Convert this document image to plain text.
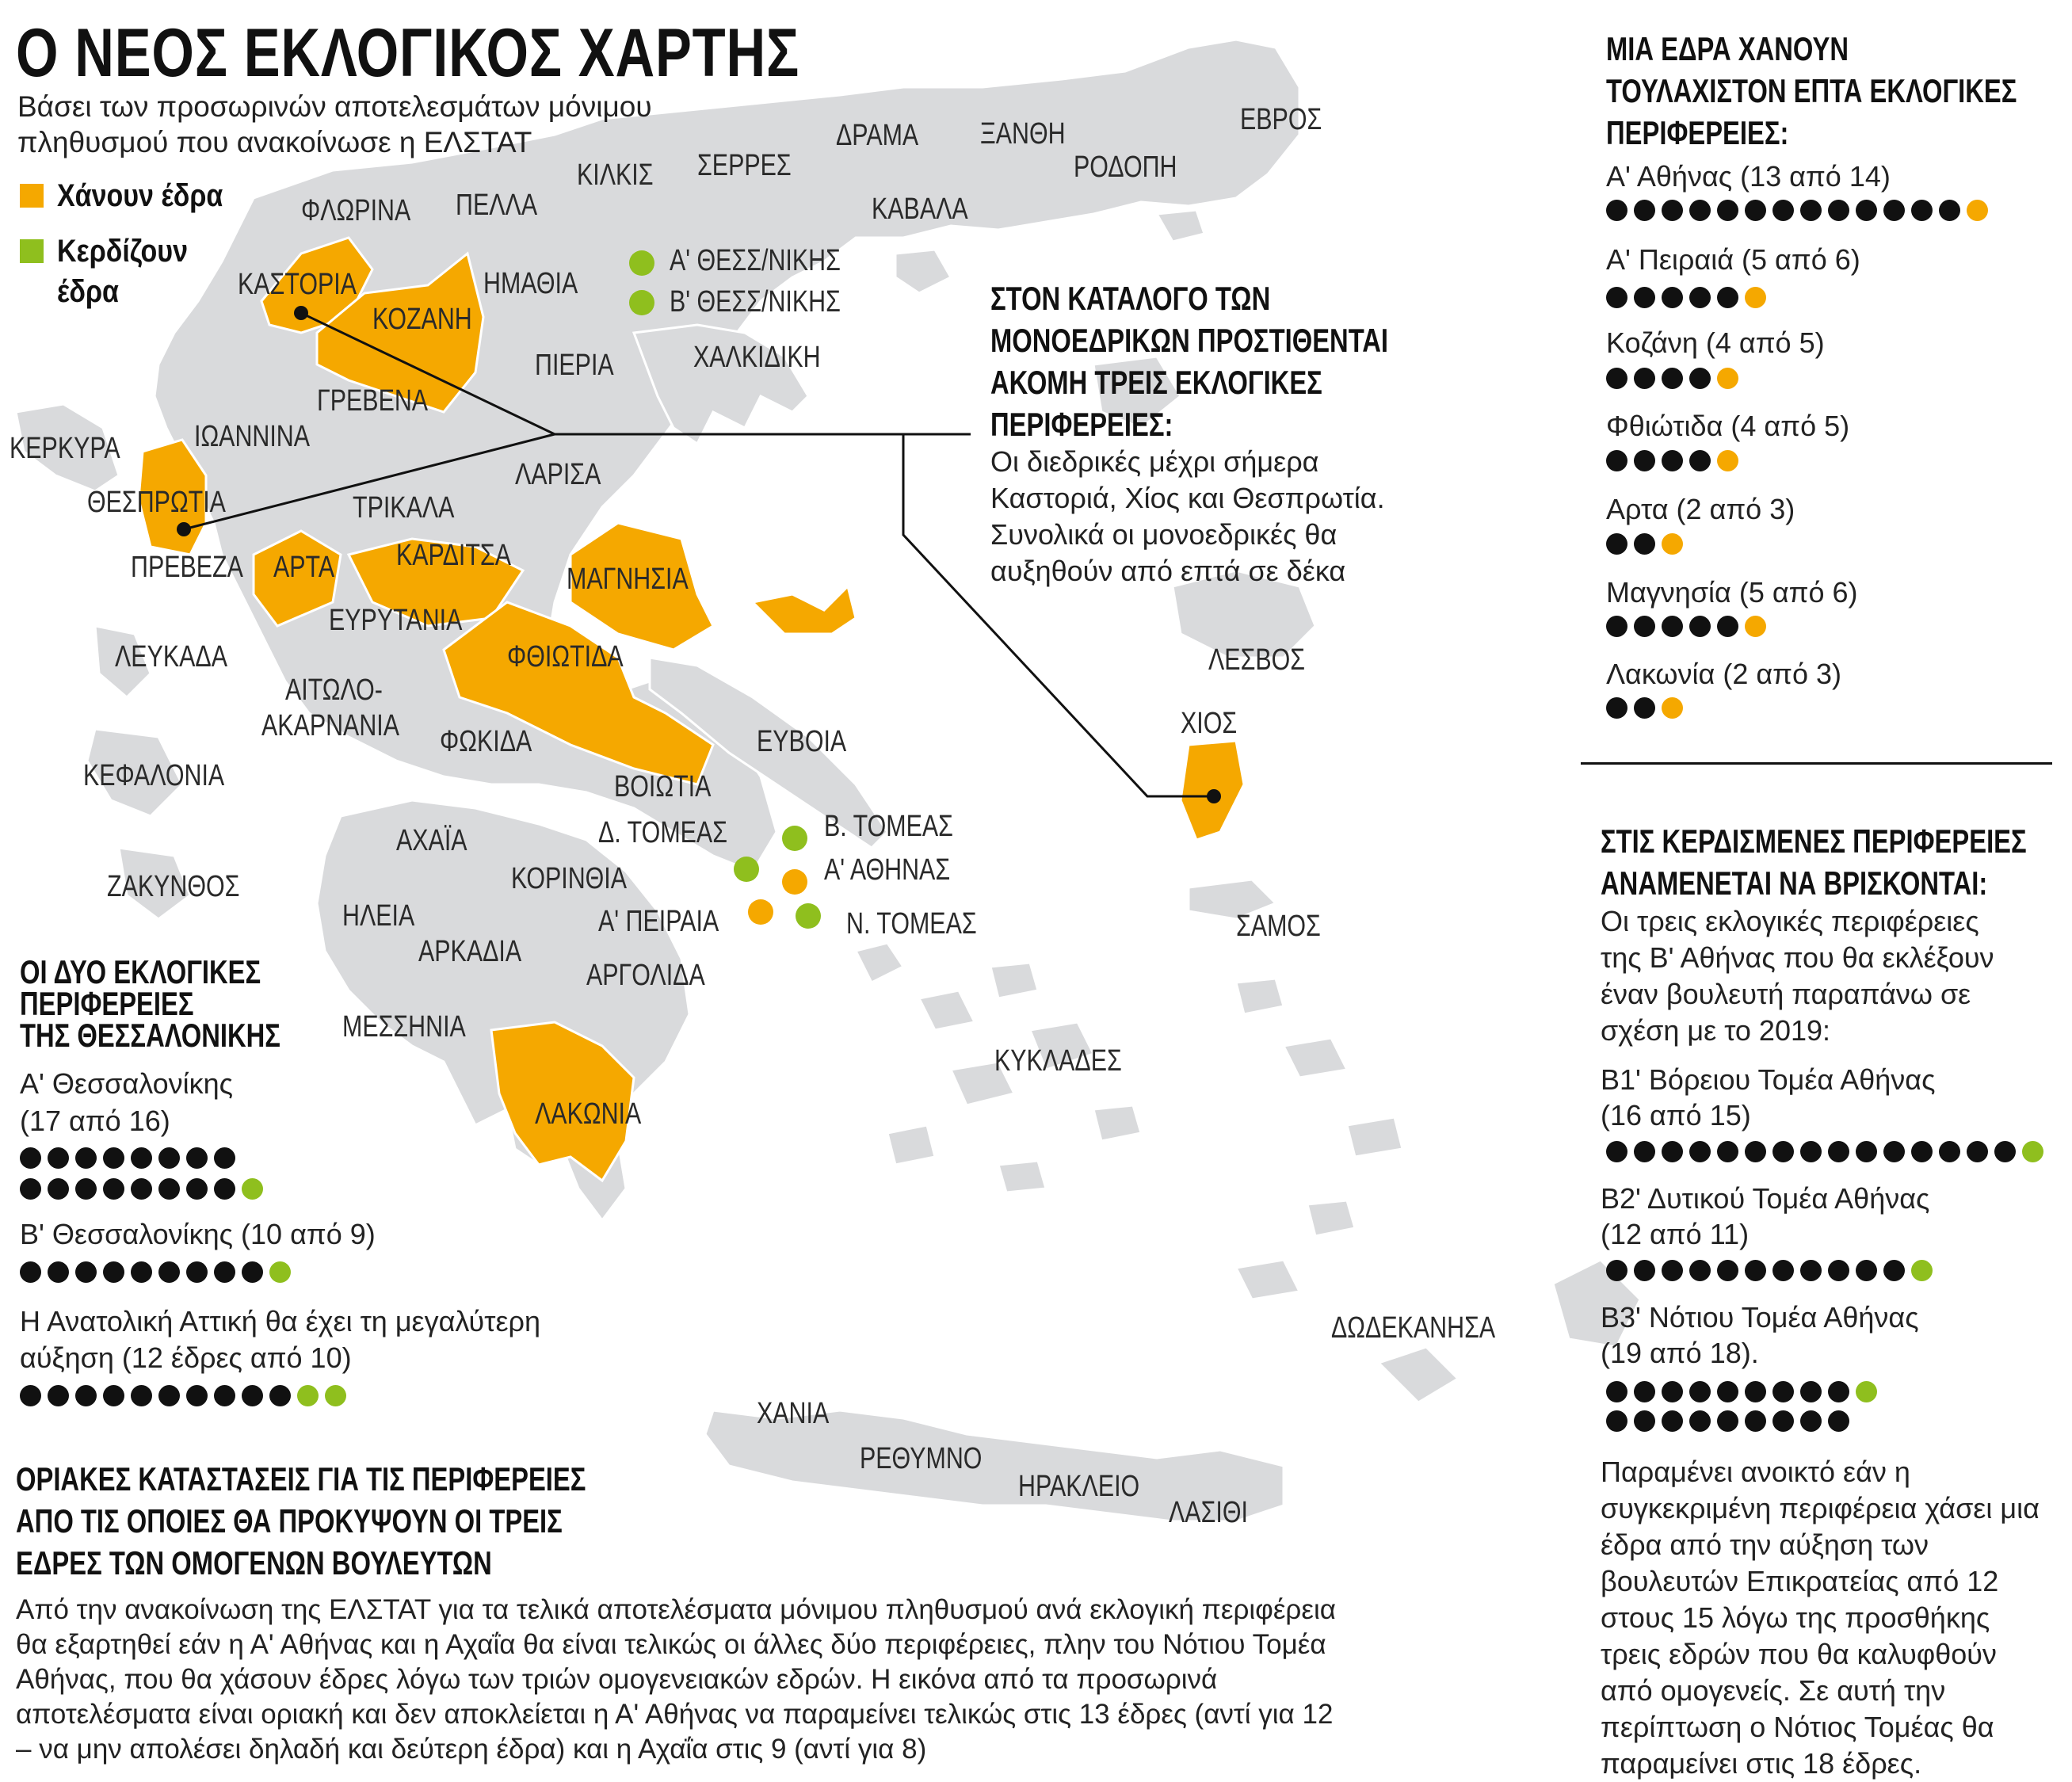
ΦΛΩΡΙΝΑ ΠΕΛΛΑ
ΚΙΛΚΙΣ ΣΕΡΡΕΣ
ΔΡΑΜΑ ΞΑΝΘΗ	ΕΒΡΟΣ
ΡΟΔΟΠΗ
ΚΑΒΑΛΑ
ΚΑΣΤΟΡΙΑ	ΗΜΑΘΙΑ
Α' ΘΕΣΣ/ΝΙΚΗΣ
Β' ΘΕΣΣ/ΝΙΚΗΣ
ΚΟΖΑΝΗ
ΠΙΕΡΙΑ	ΧΑΛΚΙΔΙΚΗ
ΓΡΕΒΕΝΑ
ΚΕΡΚΥΡΑ ΙΩΑΝΝΙΝΑ
ΛΑΡΙΣΑ
ΘΕΣΠΡΩΤΙΑ	ΤΡΙΚΑΛΑ
ΠΡΕΒΕΖΑ ΑΡΤΑ ΚΑΡΔΙΤΣΑ
ΜΑΓΝΗΣΙΑ
ΕΥΡΥΤΑΝΙΑ
ΛΕΥΚΑΔΑ	ΦΘΙΩΤΙΔΑ	ΛΕΣΒΟΣ
ΑΙΤΩΛΟ-
ΑΚΑΡΝΑΝΙΑ ΦΩΚΙΔΑ
ΧΙΟΣ
ΕΥΒΟΙΑ
ΚΕΦΑΛΟΝΙΑ	ΒΟΙΩΤΙΑ
Δ. ΤΟΜΕΑΣ	Β. ΤΟΜΕΑΣ
ΑΧΑΪΑ
Α' ΑΘΗΝΑΣ
ΖΑΚΥΝΘΟΣ	ΚΟΡΙΝΘΙΑ
Α' ΠΕΙΡΑΙΑ	Ν. ΤΟΜΕΑΣ
ΗΛΕΙΑ	ΣΑΜΟΣ
ΑΡΚΑΔΙΑ
ΑΡΓΟΛΙΔΑ
ΜΕΣΣΗΝΙΑ
ΚΥΚΛΑΔΕΣ
ΛΑΚΩΝΙΑ
ΔΩΔΕΚΑΝΗΣΑ
ΧΑΝΙΑ
ΡΕΘΥΜΝΟ
ΗΡΑΚΛΕΙΟ
ΛΑΣΙΘΙ
Ο ΝΕΟΣ ΕΚΛΟΓΙΚΟΣ ΧΑΡΤΗΣ
Βάσει των προσωρινών αποτελεσμάτων μόνιμου πληθυσμού που ανακοίνωσε η ΕΛΣΤΑΤ
Χάνουν έδρα
Κερδίζουν
έδρα	ΣΤΟΝ ΚΑΤΑΛΟΓΟ ΤΩΝ
ΜΟΝΟΕΔΡΙΚΩΝ ΠΡΟΣΤΙΘΕΝΤΑΙ
ΑΚΟΜΗ ΤΡΕΙΣ ΕΚΛΟΓΙΚΕΣ
ΠΕΡΙΦΕΡΕΙΕΣ:
Οι διεδρικές μέχρι σήμερα Καστοριά, Χίος και Θεσπρωτία. Συνολικά οι μονοεδρικές θα αυξηθούν από επτά σε δέκα
ΜΙΑ ΕΔΡΑ ΧΑΝΟΥΝ
ΤΟΥΛΑΧΙΣΤΟΝ ΕΠΤΑ ΕΚΛΟΓΙΚΕΣ
ΠΕΡΙΦΕΡΕΙΕΣ:
Α' Αθήνας (13 από 14)
Α' Πειραιά (5 από 6)
Κοζάνη (4 από 5)
Φθιώτιδα (4 από 5)
Αρτα (2 από 3)
Μαγνησία (5 από 6)
Λακωνία (2 από 3)
ΣΤΙΣ ΚΕΡΔΙΣΜΕΝΕΣ ΠΕΡΙΦΕΡΕΙΕΣ
ΑΝΑΜΕΝΕΤΑΙ ΝΑ ΒΡΙΣΚΟΝΤΑΙ:
Οι τρεις εκλογικές περιφέρειες της Β' Αθήνας που θα εκλέξουν έναν βουλευτή παραπάνω σε σχέση με το 2019:
Β1' Βόρειου Τομέα Αθήνας
(16 από 15)
Β2' Δυτικού Τομέα Αθήνας
(12 από 11)
Β3' Νότιου Τομέα Αθήνας
(19 από 18).
Παραμένει ανοικτό εάν η συγκεκριμένη περιφέρεια χάσει μια έδρα από την αύξηση των βουλευτών Επικρατείας από 12 στους 15 λόγω της προσθήκης τρεις εδρών που θα καλυφθούν από ομογενείς. Σε αυτή την περίπτωση ο Νότιος Τομέας θα παραμείνει στις 18 έδρες.
ΟΙ ΔΥΟ ΕΚΛΟΓΙΚΕΣ
ΠΕΡΙΦΕΡΕΙΕΣ
ΤΗΣ ΘΕΣΣΑΛΟΝΙΚΗΣ
Α' Θεσσαλονίκης
(17 από 16)
Β' Θεσσαλονίκης (10 από 9)
Η Ανατολική Αττική θα έχει τη μεγαλύτερη αύξηση (12 έδρες από 10)
ΟΡΙΑΚΕΣ ΚΑΤΑΣΤΑΣΕΙΣ ΓΙΑ ΤΙΣ ΠΕΡΙΦΕΡΕΙΕΣ
ΑΠΟ ΤΙΣ ΟΠΟΙΕΣ ΘΑ ΠΡΟΚΥΨΟΥΝ ΟΙ ΤΡΕΙΣ
ΕΔΡΕΣ ΤΩΝ ΟΜΟΓΕΝΩΝ ΒΟΥΛΕΥΤΩΝ
Από την ανακοίνωση της ΕΛΣΤΑΤ για τα τελικά αποτελέσματα μόνιμου πληθυσμού ανά εκλογική περιφέρεια θα εξαρτηθεί εάν η Α' Αθήνας και η Αχαΐα θα είναι τελικώς οι άλλες δύο περιφέρειες, πλην του Νότιου Τομέα Αθήνας, που θα χάσουν έδρες λόγω των τριών ομογενειακών εδρών. Η εικόνα από τα προσωρινά αποτελέσματα είναι οριακή και δεν αποκλείεται η Α' Αθήνας να παραμείνει τελικώς στις 13 έδρες (αντί για 12 – να μην απολέσει δηλαδή και δεύτερη έδρα) και η Αχαΐα στις 9 (αντί για 8)
